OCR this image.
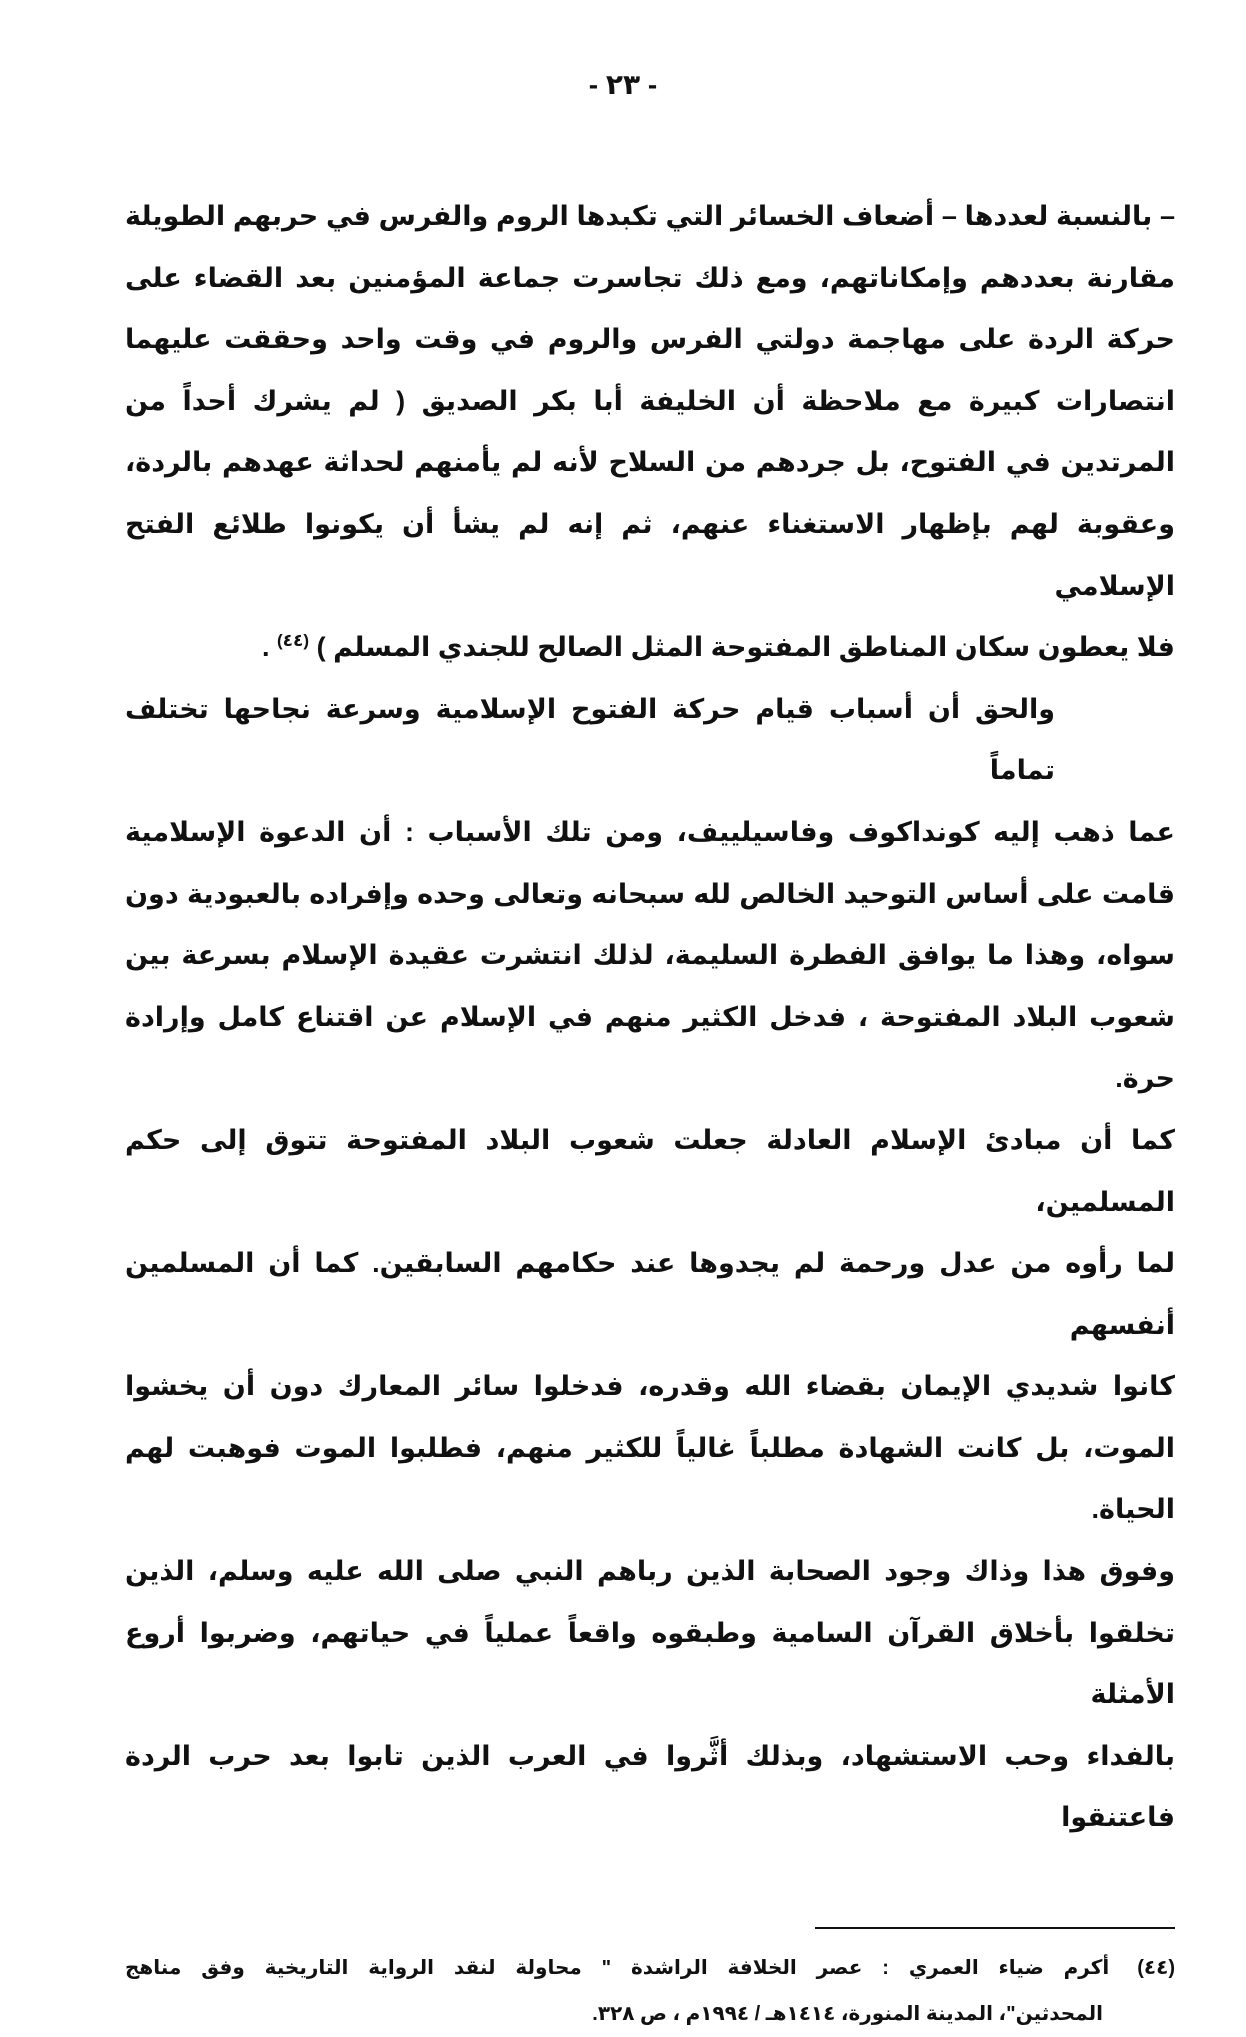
- ٢٣ -
– بالنسبة لعددها – أضعاف الخسائر التي تكبدها الروم والفرس في حربهم الطويلة
مقارنة بعددهم وإمكاناتهم، ومع ذلك تجاسرت جماعة المؤمنين بعد القضاء على
حركة الردة على مهاجمة دولتي الفرس والروم في وقت واحد وحققت عليهما
انتصارات كبيرة مع ملاحظة أن الخليفة أبا بكر الصديق ( لم يشرك أحداً من
المرتدين في الفتوح، بل جردهم من السلاح لأنه لم يأمنهم لحداثة عهدهم بالردة،
وعقوبة لهم بإظهار الاستغناء عنهم، ثم إنه لم يشأ أن يكونوا طلائع الفتح الإسلامي
فلا يعطون سكان المناطق المفتوحة المثل الصالح للجندي المسلم ) $^{(٤٤)}$ .
والحق أن أسباب قيام حركة الفتوح الإسلامية وسرعة نجاحها تختلف تماماً
عما ذهب إليه كونداكوف وفاسيلييف، ومن تلك الأسباب : أن الدعوة الإسلامية
قامت على أساس التوحيد الخالص لله سبحانه وتعالى وحده وإفراده بالعبودية دون
سواه، وهذا ما يوافق الفطرة السليمة، لذلك انتشرت عقيدة الإسلام بسرعة بين
شعوب البلاد المفتوحة ، فدخل الكثير منهم في الإسلام عن اقتناع كامل وإرادة حرة.
كما أن مبادئ الإسلام العادلة جعلت شعوب البلاد المفتوحة تتوق إلى حكم المسلمين،
لما رأوه من عدل ورحمة لم يجدوها عند حكامهم السابقين. كما أن المسلمين أنفسهم
كانوا شديدي الإيمان بقضاء الله وقدره، فدخلوا سائر المعارك دون أن يخشوا
الموت، بل كانت الشهادة مطلباً غالياً للكثير منهم، فطلبوا الموت فوهبت لهم الحياة.
وفوق هذا وذاك وجود الصحابة الذين رباهم النبي صلى الله عليه وسلم، الذين
تخلقوا بأخلاق القرآن السامية وطبقوه واقعاً عملياً في حياتهم، وضربوا أروع الأمثلة
بالفداء وحب الاستشهاد، وبذلك أثَّروا في العرب الذين تابوا بعد حرب الردة فاعتنقوا
(٤٤)أكرم ضياء العمري : عصر الخلافة الراشدة " محاولة لنقد الرواية التاريخية وفق مناهج
المحدثين"، المدينة المنورة، ١٤١٤هـ / ١٩٩٤م ، ص ٣٢٨.
